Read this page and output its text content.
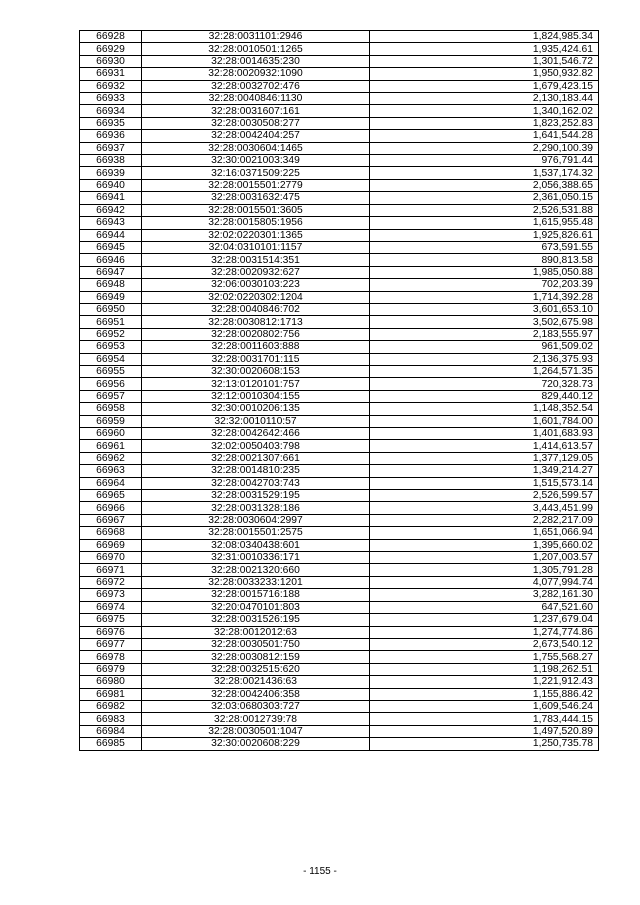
66928	32:28:0031101:2946	1,824,985.34
66929	32:28:0010501:1265	1,935,424.61
66930	32:28:0014635:230	1,301,546.72
66931	32:28:0020932:1090	1,950,932.82
66932	32:28:0032702:476	1,679,423.15
66933	32:28:0040846:1130	2,130,183.44
66934	32:28:0031607:161	1,340,162.02
66935	32:28:0030508:277	1,823,252.83
66936	32:28:0042404:257	1,641,544.28
66937	32:28:0030604:1465	2,290,100.39
66938	32:30:0021003:349	976,791.44
66939	32:16:0371509:225	1,537,174.32
66940	32:28:0015501:2779	2,056,388.65
66941	32:28:0031632:475	2,361,050.15
66942	32:28:0015501:3605	2,526,531.88
66943	32:28:0015805:1956	1,615,955.48
66944	32:02:0220301:1365	1,925,826.61
66945	32:04:0310101:1157	673,591.55
66946	32:28:0031514:351	890,813.58
66947	32:28:0020932:627	1,985,050.88
66948	32:06:0030103:223	702,203.39
66949	32:02:0220302:1204	1,714,392.28
66950	32:28:0040846:702	3,601,653.10
66951	32:28:0030812:1713	3,502,675.98
66952	32:28:0020802:756	2,183,555.97
66953	32:28:0011603:888	961,509.02
66954	32:28:0031701:115	2,136,375.93
66955	32:30:0020608:153	1,264,571.35
66956	32:13:0120101:757	720,328.73
66957	32:12:0010304:155	829,440.12
66958	32:30:0010206:135	1,148,352.54
66959	32:32:0010110:57	1,601,784.00
66960	32:28:0042642:466	1,401,683.93
66961	32:02:0050403:798	1,414,613.57
66962	32:28:0021307:661	1,377,129.05
66963	32:28:0014810:235	1,349,214.27
66964	32:28:0042703:743	1,515,573.14
66965	32:28:0031529:195	2,526,599.57
66966	32:28:0031328:186	3,443,451.99
66967	32:28:0030604:2997	2,282,217.09
66968	32:28:0015501:2575	1,651,066.94
66969	32:08:0340438:601	1,395,660.02
66970	32:31:0010336:171	1,207,003.57
66971	32:28:0021320:660	1,305,791.28
66972	32:28:0033233:1201	4,077,994.74
66973	32:28:0015716:188	3,282,161.30
66974	32:20:0470101:803	647,521.60
66975	32:28:0031526:195	1,237,679.04
66976	32:28:0012012:63	1,274,774.86
66977	32:28:0030501:750	2,673,540.12
66978	32:28:0030812:159	1,755,568.27
66979	32:28:0032515:620	1,198,262.51
66980	32:28:0021436:63	1,221,912.43
66981	32:28:0042406:358	1,155,886.42
66982	32:03:0680303:727	1,609,546.24
66983	32:28:0012739:78	1,783,444.15
66984	32:28:0030501:1047	1,497,520.89
66985	32:30:0020608:229	1,250,735.78
- 1155 -
